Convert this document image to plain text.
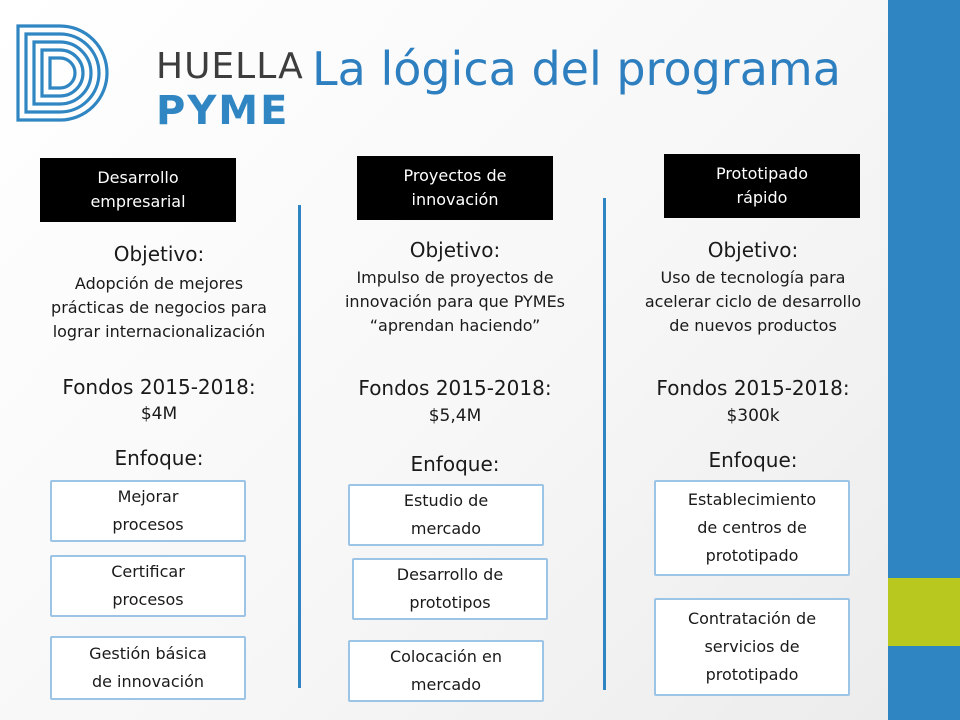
HUELLA
PYME
La lógica del programa
Desarrollo
empresarial
Objetivo:
Adopción de mejores
prácticas de negocios para
lograr internacionalización
Fondos 2015-2018:
$4M
Enfoque:
Mejorar
procesos
Certificar
procesos
Gestión básica
de innovación
Proyectos de
innovación
Objetivo:
Impulso de proyectos de
innovación para que PYMEs
“aprendan haciendo”
Fondos 2015-2018:
$5,4M
Enfoque:
Estudio de
mercado
Desarrollo de
prototipos
Colocación en
mercado
Prototipado
rápido
Objetivo:
Uso de tecnología para
acelerar ciclo de desarrollo
de nuevos productos
Fondos 2015-2018:
$300k
Enfoque:
Establecimiento
de centros de
prototipado
Contratación de
servicios de
prototipado
